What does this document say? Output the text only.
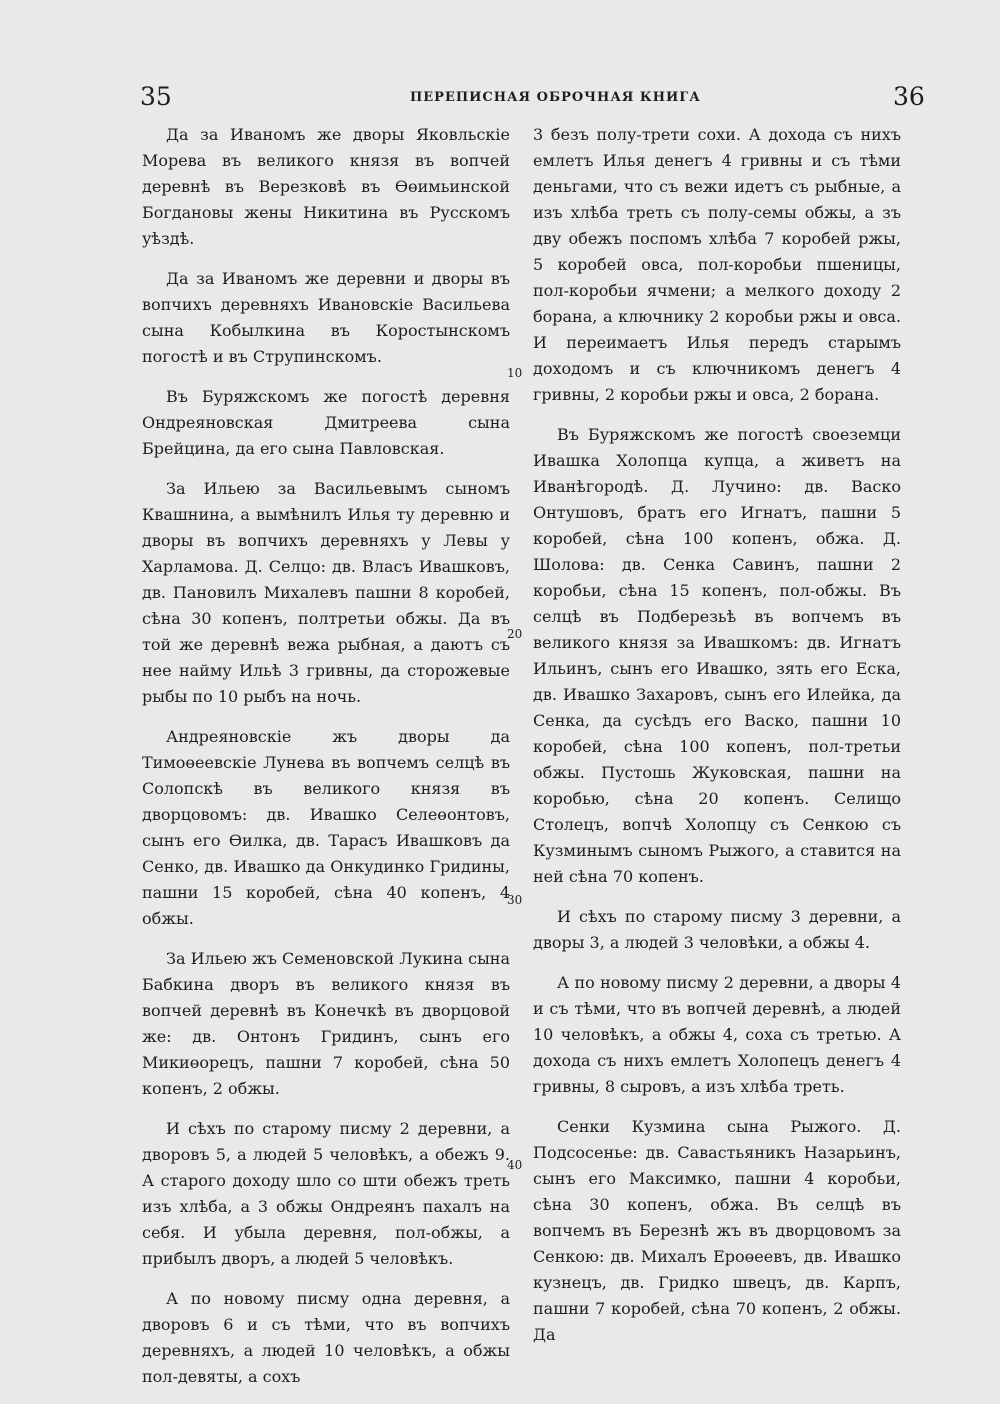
35	ПЕРЕПИСНАЯ ОБРОЧНАЯ КНИГА	36

Да за Иваномъ же дворы Яковльскіе Морева въ великого князя въ вопчей деревнѣ въ Верезковѣ въ Өөимьинской Богдановы жены Никитина въ Русскомъ уѣздѣ.

Да за Иваномъ же деревни и дворы въ вопчихъ деревняхъ Ивановскіе Васильева сына Кобылкина въ Коростынскомъ погостѣ и въ Струпинскомъ.

Въ Буряжскомъ же погостѣ деревня Ондреяновская Дмитреева сына Брейцина, да его сына Павловская.

За Ильею за Васильевымъ сыномъ Квашнина, а вымѣнилъ Илья ту деревню и дворы въ вопчихъ деревняхъ у Левы у Харламова. Д. Селцо: дв. Власъ Ивашковъ, дв. Пановилъ Михалевъ пашни 8 коробей, сѣна 30 копенъ, полтретьи обжы. Да въ той же деревнѣ вежа рыбная, а даютъ съ нее найму Ильѣ 3 гривны, да сторожевые рыбы по 10 рыбъ на ночь.

Андреяновскіе жъ дворы да Тимоөеевскіе Лунева въ вопчемъ селцѣ въ Солопскѣ въ великого князя въ дворцовомъ: дв. Ивашко Селеөонтовъ, сынъ его Өилка, дв. Тарасъ Ивашковъ да Сенко, дв. Ивашко да Онкудинко Гридины, пашни 15 коробей, сѣна 40 копенъ, 4 обжы.

За Ильею жъ Семеновской Лукина сына Бабкина дворъ въ великого князя въ вопчей деревнѣ въ Конечкѣ въ дворцовой же: дв. Онтонъ Гридинъ, сынъ его Микиөорецъ, пашни 7 коробей, сѣна 50 копенъ, 2 обжы.

И сѣхъ по старому писму 2 деревни, а дворовъ 5, а людей 5 человѣкъ, а обежъ 9. А старого доходу шло со шти обежъ треть изъ хлѣба, а 3 обжы Ондреянъ пахалъ на себя. И убыла деревня, пол-обжы, а прибылъ дворъ, а людей 5 человѣкъ.

А по новому писму одна деревня, а дворовъ 6 и съ тѣми, что въ вопчихъ деревняхъ, а людей 10 человѣкъ, а обжы пол-девяты, а сохъ

3 безъ полу-трети сохи. А дохода съ нихъ емлетъ Илья денегъ 4 гривны и съ тѣми деньгами, что съ вежи идетъ съ рыбные, а изъ хлѣба треть съ полу-семы обжы, а зъ дву обежъ поспомъ хлѣба 7 коробей ржы, 5 коробей овса, пол-коробьи пшеницы, пол-коробьи ячмени; а мелкого доходу 2 борана, а ключнику 2 коробьи ржы и овса. И переимаетъ Илья передъ старымъ доходомъ и съ ключникомъ денегъ 4 гривны, 2 коробьи ржы и овса, 2 борана.

Въ Буряжскомъ же погостѣ своеземци Ивашка Холопца купца, а живетъ на Иванѣгородѣ. Д. Лучино: дв. Васко Онтушовъ, братъ его Игнатъ, пашни 5 коробей, сѣна 100 копенъ, обжа. Д. Шолова: дв. Сенка Савинъ, пашни 2 коробьи, сѣна 15 копенъ, пол-обжы. Въ селцѣ въ Подберезьѣ въ вопчемъ въ великого князя за Ивашкомъ: дв. Игнатъ Ильинъ, сынъ его Ивашко, зять его Еска, дв. Ивашко Захаровъ, сынъ его Илейка, да Сенка, да сусѣдъ его Васко, пашни 10 коробей, сѣна 100 копенъ, пол-третьи обжы. Пустошь Жуковская, пашни на коробью, сѣна 20 копенъ. Селищо Столецъ, вопчѣ Холопцу съ Сенкою съ Кузминымъ сыномъ Рыжого, а ставится на ней сѣна 70 копенъ.

И сѣхъ по старому писму 3 деревни, а дворы 3, а людей 3 человѣки, а обжы 4.

А по новому писму 2 деревни, а дворы 4 и съ тѣми, что въ вопчей деревнѣ, а людей 10 человѣкъ, а обжы 4, соха съ третью. А дохода съ нихъ емлетъ Холопецъ денегъ 4 гривны, 8 сыровъ, а изъ хлѣба треть.

Сенки Кузмина сына Рыжого. Д. Подсосенье: дв. Савастьяникъ Назарьинъ, сынъ его Максимко, пашни 4 коробьи, сѣна 30 копенъ, обжа. Въ селцѣ въ вопчемъ въ Березнѣ жъ въ дворцовомъ за Сенкою: дв. Михалъ Ероөеевъ, дв. Ивашко кузнецъ, дв. Гридко швецъ, дв. Карпъ, пашни 7 коробей, сѣна 70 копенъ, 2 обжы. Да

10
20
30
40
